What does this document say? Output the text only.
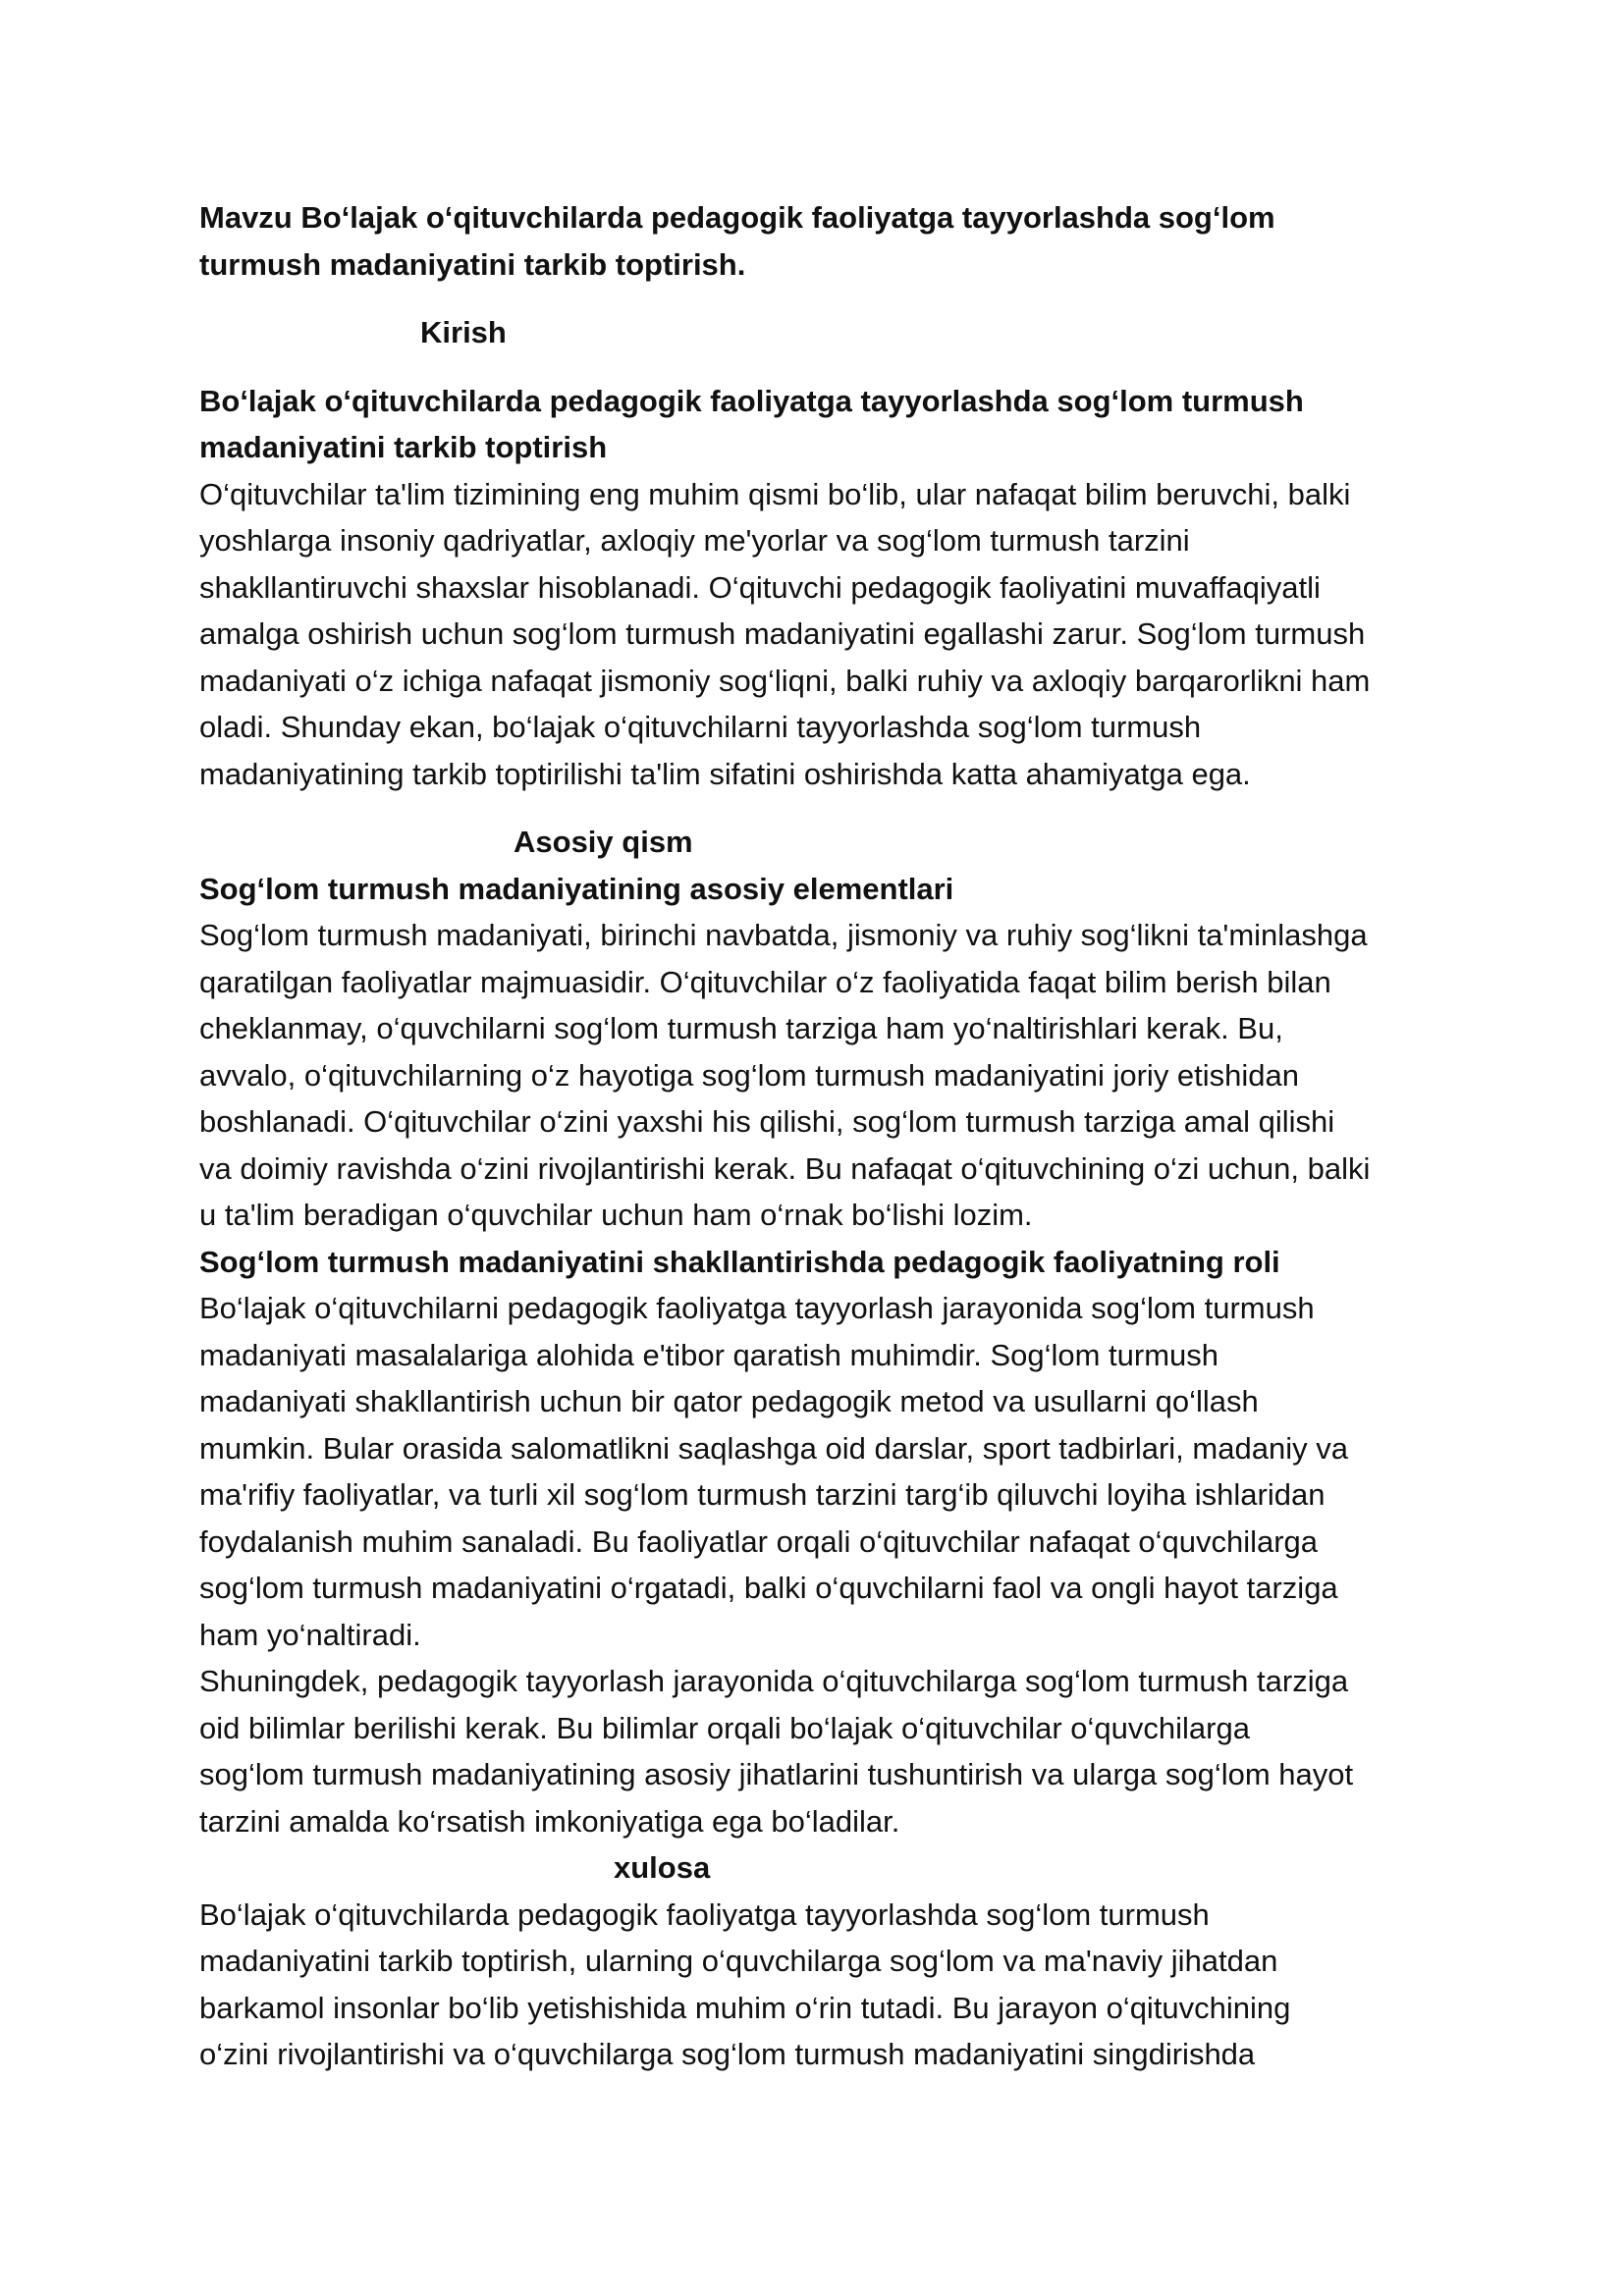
Mavzu Bo‘lajak o‘qituvchilarda pedagogik faoliyatga tayyorlashda sog‘lom
turmush madaniyatini tarkib toptirish.
Kirish
Bo‘lajak o‘qituvchilarda pedagogik faoliyatga tayyorlashda sog‘lom turmush
madaniyatini tarkib toptirish
O‘qituvchilar ta'lim tizimining eng muhim qismi bo‘lib, ular nafaqat bilim beruvchi, balki
yoshlarga insoniy qadriyatlar, axloqiy me'yorlar va sog‘lom turmush tarzini
shakllantiruvchi shaxslar hisoblanadi. O‘qituvchi pedagogik faoliyatini muvaffaqiyatli
amalga oshirish uchun sog‘lom turmush madaniyatini egallashi zarur. Sog‘lom turmush
madaniyati o‘z ichiga nafaqat jismoniy sog‘liqni, balki ruhiy va axloqiy barqarorlikni ham
oladi. Shunday ekan, bo‘lajak o‘qituvchilarni tayyorlashda sog‘lom turmush
madaniyatining tarkib toptirilishi ta'lim sifatini oshirishda katta ahamiyatga ega.
Asosiy qism
Sog‘lom turmush madaniyatining asosiy elementlari
Sog‘lom turmush madaniyati, birinchi navbatda, jismoniy va ruhiy sog‘likni ta'minlashga
qaratilgan faoliyatlar majmuasidir. O‘qituvchilar o‘z faoliyatida faqat bilim berish bilan
cheklanmay, o‘quvchilarni sog‘lom turmush tarziga ham yo‘naltirishlari kerak. Bu,
avvalo, o‘qituvchilarning o‘z hayotiga sog‘lom turmush madaniyatini joriy etishidan
boshlanadi. O‘qituvchilar o‘zini yaxshi his qilishi, sog‘lom turmush tarziga amal qilishi
va doimiy ravishda o‘zini rivojlantirishi kerak. Bu nafaqat o‘qituvchining o‘zi uchun, balki
u ta'lim beradigan o‘quvchilar uchun ham o‘rnak bo‘lishi lozim.
Sog‘lom turmush madaniyatini shakllantirishda pedagogik faoliyatning roli
Bo‘lajak o‘qituvchilarni pedagogik faoliyatga tayyorlash jarayonida sog‘lom turmush
madaniyati masalalariga alohida e'tibor qaratish muhimdir. Sog‘lom turmush
madaniyati shakllantirish uchun bir qator pedagogik metod va usullarni qo‘llash
mumkin. Bular orasida salomatlikni saqlashga oid darslar, sport tadbirlari, madaniy va
ma'rifiy faoliyatlar, va turli xil sog‘lom turmush tarzini targ‘ib qiluvchi loyiha ishlaridan
foydalanish muhim sanaladi. Bu faoliyatlar orqali o‘qituvchilar nafaqat o‘quvchilarga
sog‘lom turmush madaniyatini o‘rgatadi, balki o‘quvchilarni faol va ongli hayot tarziga
ham yo‘naltiradi.
Shuningdek, pedagogik tayyorlash jarayonida o‘qituvchilarga sog‘lom turmush tarziga
oid bilimlar berilishi kerak. Bu bilimlar orqali bo‘lajak o‘qituvchilar o‘quvchilarga
sog‘lom turmush madaniyatining asosiy jihatlarini tushuntirish va ularga sog‘lom hayot
tarzini amalda ko‘rsatish imkoniyatiga ega bo‘ladilar.
xulosa
Bo‘lajak o‘qituvchilarda pedagogik faoliyatga tayyorlashda sog‘lom turmush
madaniyatini tarkib toptirish, ularning o‘quvchilarga sog‘lom va ma'naviy jihatdan
barkamol insonlar bo‘lib yetishishida muhim o‘rin tutadi. Bu jarayon o‘qituvchining
o‘zini rivojlantirishi va o‘quvchilarga sog‘lom turmush madaniyatini singdirishda
